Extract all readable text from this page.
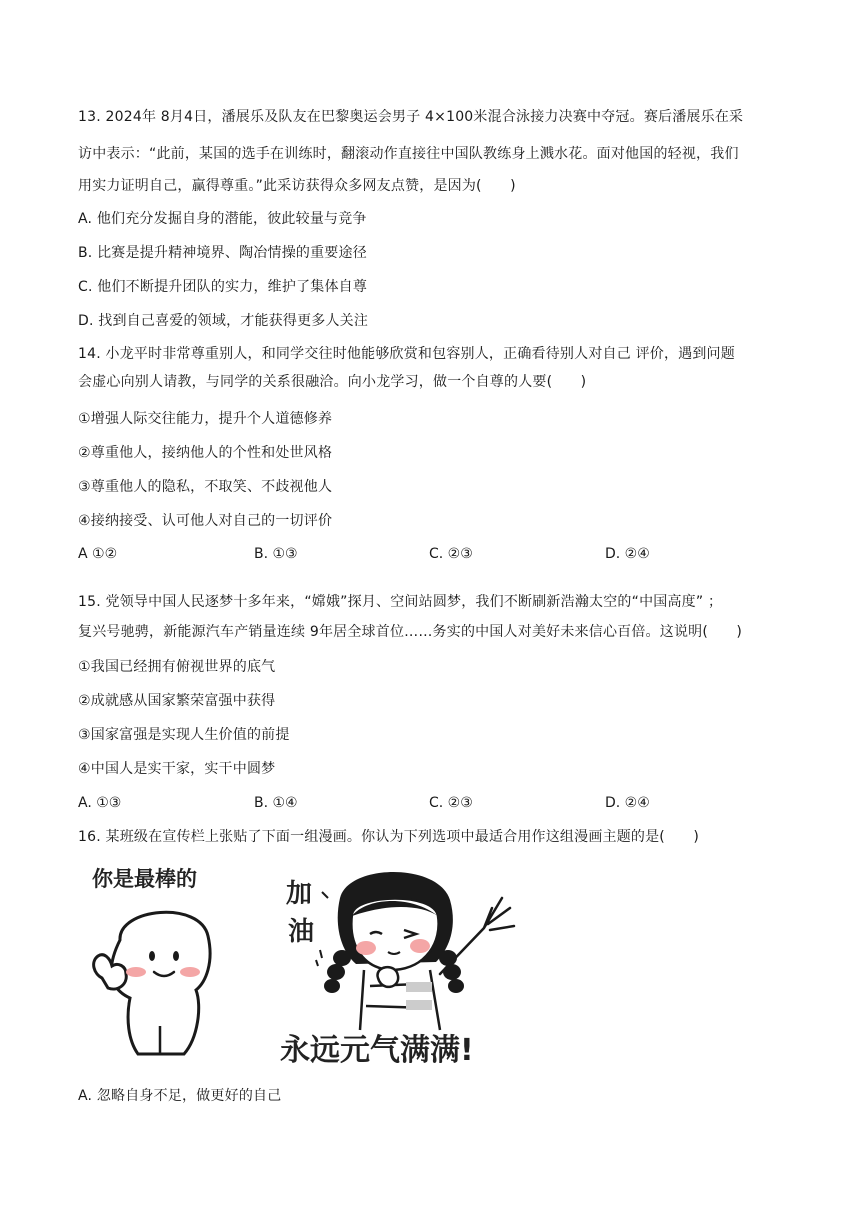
13. 2024年 8月4日，潘展乐及队友在巴黎奥运会男子 4×100米混合泳接力决赛中夺冠。赛后潘展乐在采
访中表示：“此前，某国的选手在训练时，翻滚动作直接往中国队教练身上溅水花。面对他国的轻视，我们
用实力证明自己，赢得尊重。”此采访获得众多网友点赞，是因为(　　)
A. 他们充分发掘自身的潜能，彼此较量与竞争
B. 比赛是提升精神境界、陶冶情操的重要途径
C. 他们不断提升团队的实力，维护了集体自尊
D. 找到自己喜爱的领域，才能获得更多人关注
14. 小龙平时非常尊重别人，和同学交往时他能够欣赏和包容别人，正确看待别人对自己 评价，遇到问题
会虚心向别人请教，与同学的关系很融洽。向小龙学习，做一个自尊的人要(　　)
①增强人际交往能力，提升个人道德修养
②尊重他人，接纳他人的个性和处世风格
③尊重他人的隐私，不取笑、不歧视他人
④接纳接受、认可他人对自己的一切评价
A ①②	B. ①③	C. ②③	D. ②④
15. 党领导中国人民逐梦十多年来，“嫦娥”探月、空间站圆梦，我们不断刷新浩瀚太空的“中国高度” ；
复兴号驰骋，新能源汽车产销量连续 9年居全球首位……务实的中国人对美好未来信心百倍。这说明(　　)
①我国已经拥有俯视世界的底气
②成就感从国家繁荣富强中获得
③国家富强是实现人生价值的前提
④中国人是实干家，实干中圆梦
A. ①③	B. ①④	C. ②③	D. ②④
16. 某班级在宣传栏上张贴了下面一组漫画。你认为下列选项中最适合用作这组漫画主题的是(　　)
你是最棒的	加
油
永远元气满满!
A. 忽略自身不足，做更好的自己
